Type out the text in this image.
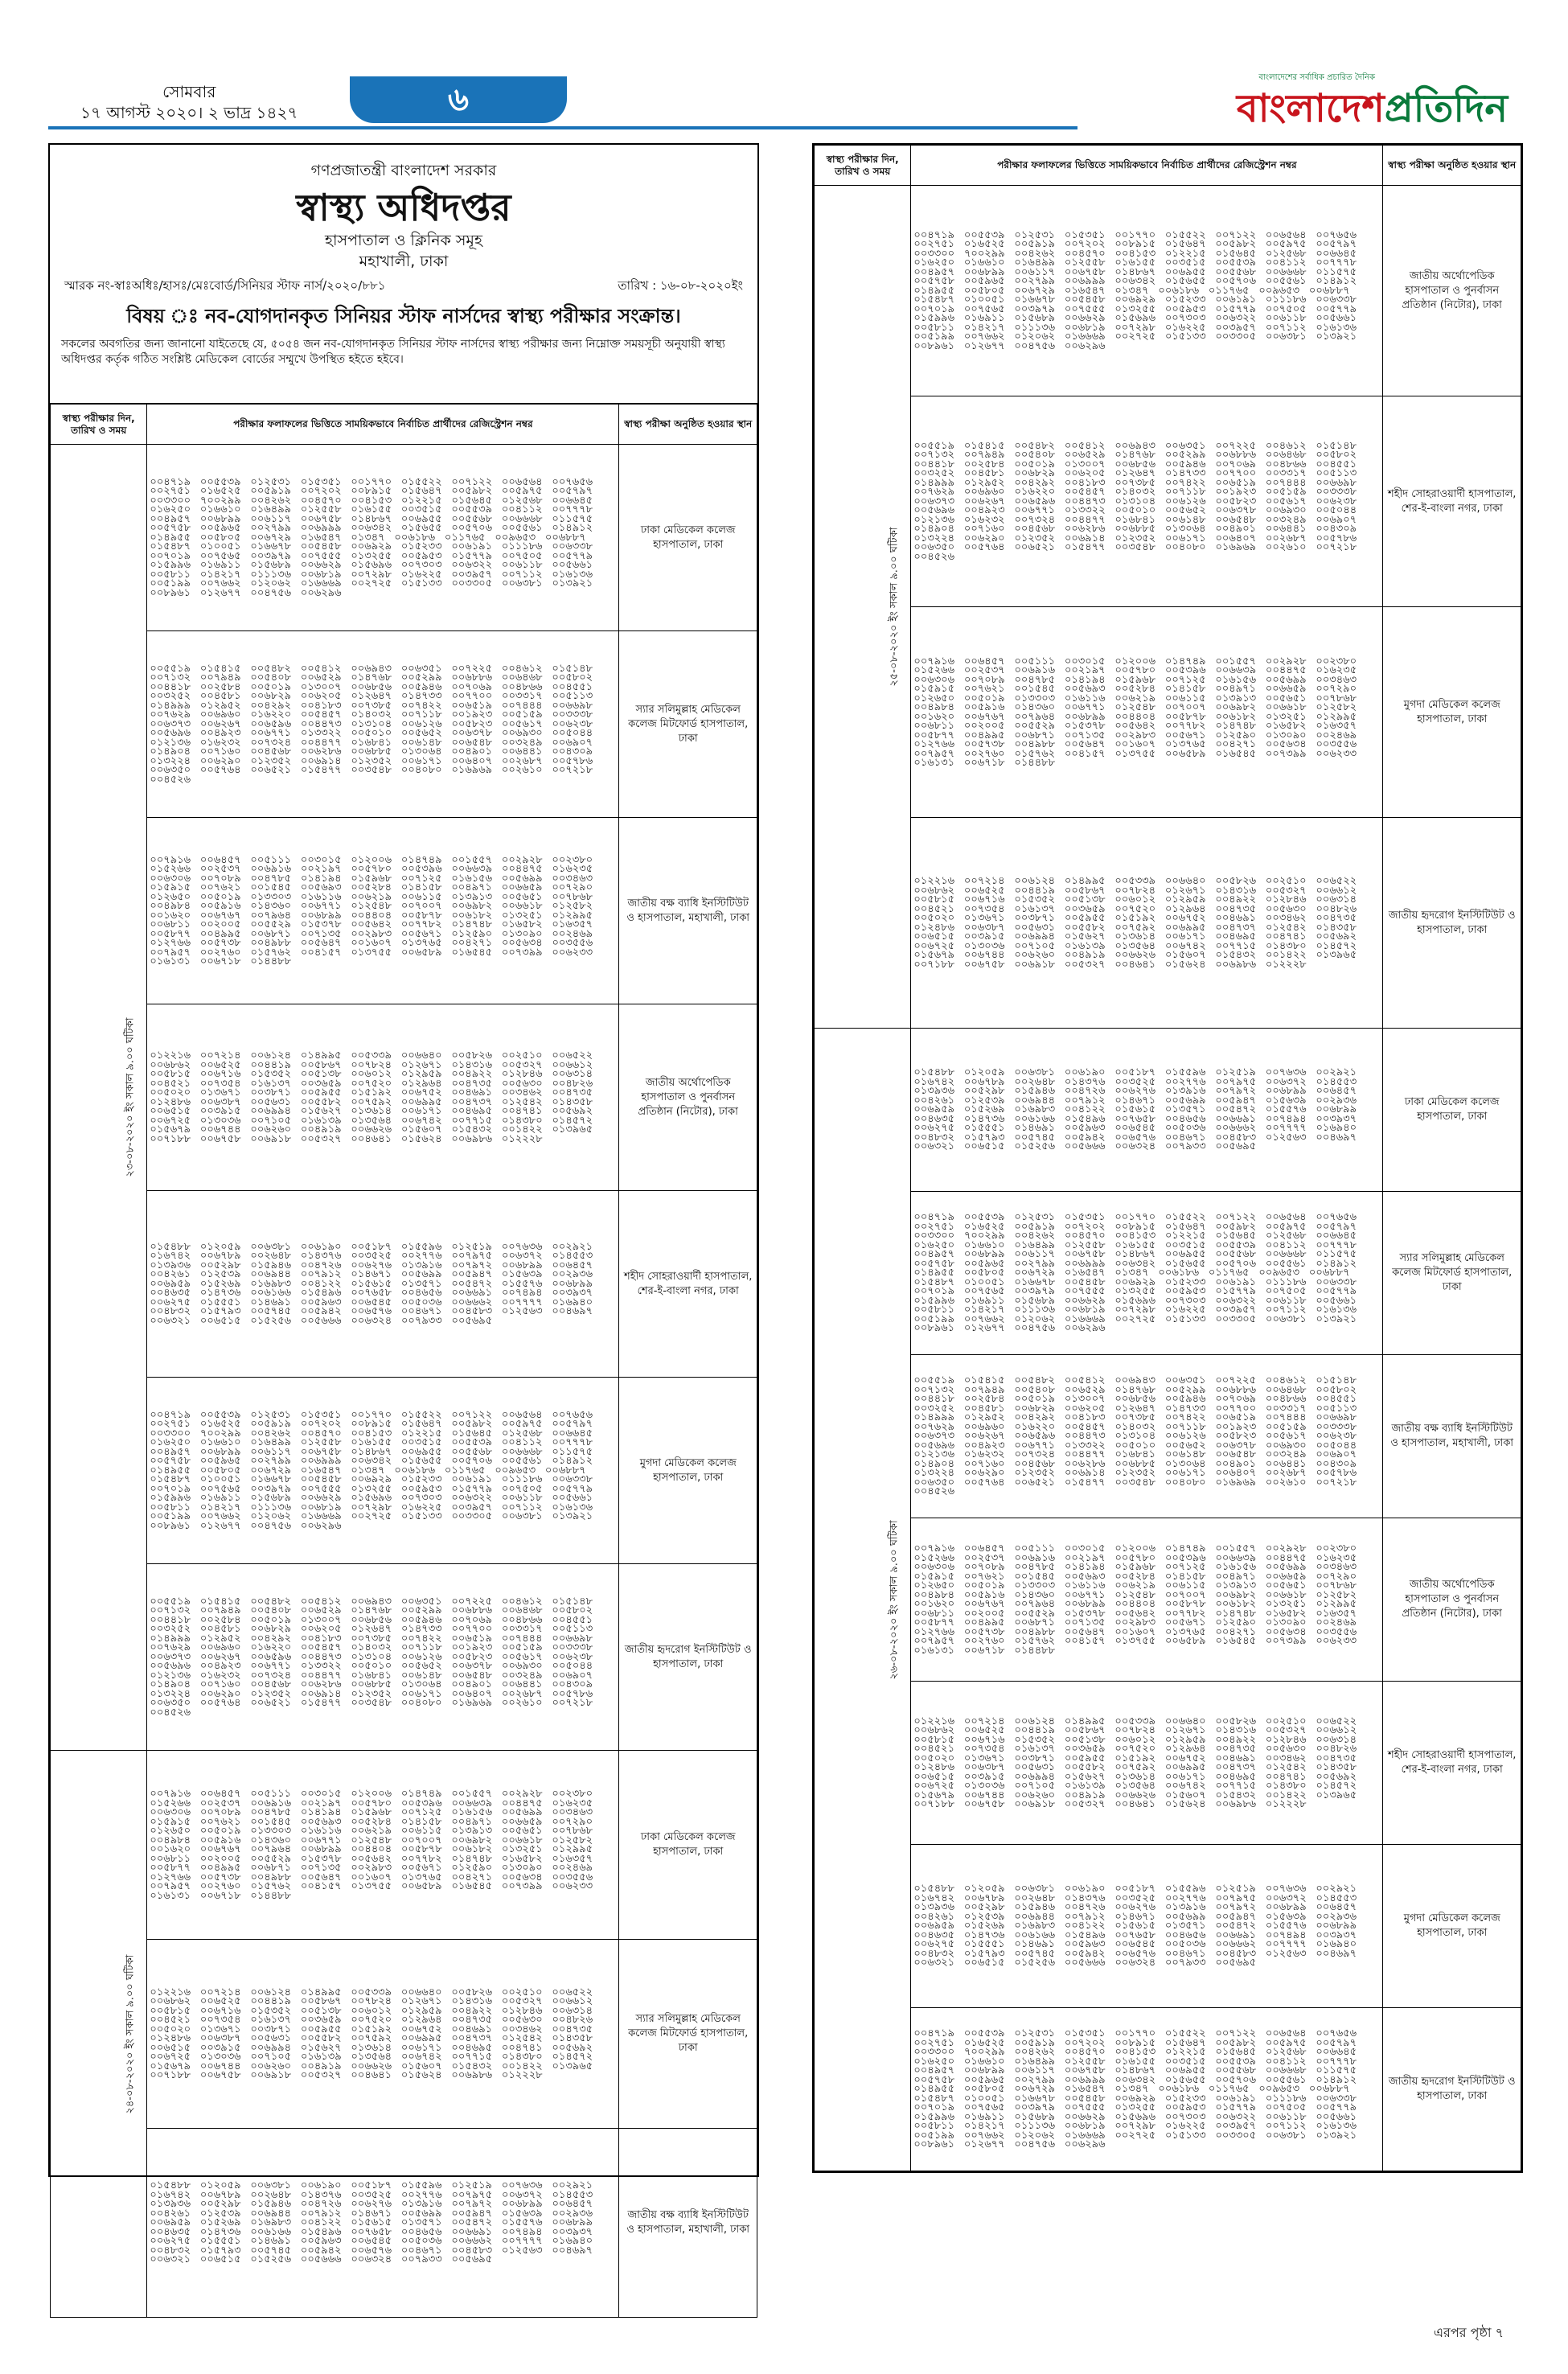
সোমবার
১৭ আগস্ট ২০২০। ২ ভাদ্র ১৪২৭	৬
বাংলাদেশের সর্বাধিক প্রচারিত দৈনিক
বাংলাদেশপ্রতিদিন
গণপ্রজাতন্ত্রী বাংলাদেশ সরকার
স্বাস্থ্য অধিদপ্তর
হাসপাতাল ও ক্লিনিক সমূহ
মহাখালী, ঢাকা
স্মারক নং-স্বাঃঅধিঃ/হাসঃ/মেঃবোর্ড/সিনিয়র স্টাফ নার্স/২০২০/৮৮১	তারিখ : ১৬-০৮-২০২০ইং
বিষয় ঃ নব-যোগদানকৃত সিনিয়র স্টাফ নার্সদের স্বাস্থ্য পরীক্ষার সংক্রান্ত।
সকলের অবগতির জন্য জানানো যাইতেছে যে, ৫০৫৪ জন নব-যোগদানকৃত সিনিয়র স্টাফ নার্সদের স্বাস্থ্য পরীক্ষার জন্য নিম্নোক্ত সময়সূচী অনুযায়ী স্বাস্থ্য অধিদপ্তর কর্তৃক গঠিত সংশ্লিষ্ট মেডিকেল বোর্ডের সম্মুখে উপস্থিত হইতে হইবে।
স্বাস্থ্য পরীক্ষার দিন, তারিখ ও সময়	পরীক্ষার ফলাফলের ভিত্তিতে সাময়িকভাবে নির্বাচিত প্রার্থীদের রেজিস্ট্রেশন নম্বর	স্বাস্থ্য পরীক্ষা অনুষ্ঠিত হওয়ার স্থান
২৩-০৮-২০২০ ইং সকাল ৯.০০ ঘটিকা	০০৪৭১৯ ০০৫৫৩৯ ০১২৫৩১ ০১৫৩৫১ ০০১৭৭০ ০১৫৫২২ ০০৭১২২ ০০৬৫৬৪ ০০৭৬৫৬ ০০২৭৫১ ০১৬৫২৫ ০০৫৯১৯ ০০৭২০২ ০০৮৯১৫ ০১৫৬৪৭ ০০৫৯৮২ ০০৫৯৭৫ ০০৫৭৯৭ ০০৩৩০০ ৭০০২৯৯ ০০৪২৬২ ০০৪৫৭০ ০০৪১৫৩ ০১২২১৫ ০১৫৬৪৫ ০১২৫৬৮ ০০৬৬৪৫ ০১৬২৫০ ০১৬৬১০ ০১৬৪৯৯ ০১২৫৫৮ ০১৬১৫৫ ০০৩৫১৫ ০০৫৫৩৯ ০০৪১১২ ০০৭৭৭৮ ০০৪৯৫৭ ০০৬৮৯৯ ০০৬১১৭ ০০৬৭৫৮ ০১৪৮৬৭ ০০৬৯৫৫ ০০৫৫৬৮ ০০৬৬৬৮ ০১১৫৭৫ ০০৫৭৫৮ ০০৫৯৬৫ ০০২৭৯৯ ০০৬৯৯৯ ০০৬৩৪২ ০১৫৬৫৫ ০০৫৭০৬ ০০৫৫৬১ ০১৪৯১২ ০১৪৯৫৫ ০০৫৮০৫ ০০৬৭২৯ ০১৬৫৪৭ ০১৩৪৭ ০০৬১৮৬ ০১১৭৬৫ ০০৯৬৫৩ ০০৬৮৮৭ ০১৫৪৮৭ ০১০০৫১ ০১৬৬৭৮ ০০৫৪৫৮ ০০৬৯২৯ ০১৫২৩৩ ০০৬১৯১ ০১১১৮৬ ০০৬৩৩৮ ০০৭০১৯ ০০৭৫৬৫ ০০৩৯৭৯ ০০৭৫৫৫ ০১৩২৫৫ ০০৫৯৫৩ ০১৫৭৭৯ ০০৭৫০৫ ০০৫৭৭৯ ০১৫৯৯৬ ০১৬৯১১ ০১৫৬৮৯ ০০৬৬২৯ ০১৫৬৯৬ ০০৭৩০৩ ০০৬৩২২ ০০৬১১৮ ০০৫৬৬১ ০০৫৮১১ ০১৪২১৭ ০১১১৩৬ ০০৬৮১৯ ০০৭২৯৮ ০১৬২২৫ ০০৩৯৫৭ ০০৭১১২ ০১৬১৩৬ ০০৫১৯৯ ০০৭৬৬২ ০১২০৬২ ০১৬৬৬৯ ০০২৭২৫ ০১৫১৩৩ ০০৩৩০৫ ০০৬৩৮১ ০১৩৯২১ ০০৮৯৬১ ০১২৬৭৭ ০০৪৭৫৬ ০০৬২৯৬	ঢাকা মেডিকেল কলেজ হাসপাতাল, ঢাকা
	০০৫৫১৯ ০১৫৪১৫ ০০৫৪৮২ ০০৫৪১২ ০০৬৯৪৩ ০০৬৩৫১ ০০৭২২৫ ০০৪৬১২ ০১৫১৪৮ ০০৭১৩২ ০০৭৯৪৯ ০০৫৪০৮ ০০৬৫২৯ ০১৪৭৬৮ ০০৫২৯৯ ০০৬৮৮৬ ০০৬৪৬৮ ০০৫৮০২ ০০৪৪১৮ ০০২৫৮৪ ০০৫০১৯ ০১৩০০৭ ০০৬৮৫৬ ০০৫৯৪৬ ০০৭০৬৯ ০০৪৮৬৬ ০০৪৫৫১ ০০৩২৫২ ০০৪৫৮১ ০০৬৮২৯ ০০৬২০৫ ০১২৬৪৭ ০১৪৭৩৩ ০০৭৭০০ ০০৩৩১৭ ০০৫১১৩ ০১৪৯৯৯ ০১২৯৫২ ০০৪২৯২ ০০৪১৮৩ ০০৭৩৮৫ ০০৭৪২২ ০০৬৫১৯ ০০৭৪৪৪ ০০৬৬৯৮ ০০৭৬২৯ ০০৬৯৬০ ০১৬২২০ ০০৫৪৫৭ ০১৪০৩২ ০০৭১১৮ ০০১৯২৩ ০০৫১৫৯ ০০৩৩৩৮ ০০৬৩৭৩ ০০৬২৬৭ ০০৬৫৯৬ ০০৪৪৭৩ ০১৩১০৪ ০০৬১২৬ ০০৫৮২৩ ০০৫৬১৭ ০০৬২৩৮ ০০৫৬৯৬ ০০৪৯২৩ ০০৬৭৭১ ০১৩৩২২ ০০৫০১০ ০০৫৬৫২ ০০৬৩৭৮ ০০৬৯৩০ ০০৫০৪৪ ০১২১৩৬ ০১৬২৩২ ০০৭৩২৪ ০০৪৪৭৭ ০১৬৮৪১ ০০৬১৪৮ ০০৬৫৪৮ ০০৩২৪৯ ০০৬৯০৭ ০১৪৯০৪ ০০৭১৬০ ০০৪৫৬৮ ০০৬২৮৬ ০০৬৮৮৫ ০১৩০৬৪ ০০৪৯০১ ০০৬৪৪১ ০০৪৩০৯ ০১৩২২৪ ০০৬২৯০ ০১২৩৫২ ০০৬৯১৪ ০১২৩৫২ ০০৬১৭১ ০০৬৪০৭ ০০২৬৮৭ ০০৫৭৮৬ ০০৬৩৫০ ০০৫৭৬৪ ০০৬৫২১ ০১৫৪৭৭ ০০৩৫৪৮ ০০৪০৮০ ০১৬৯৬৯ ০০২৬১০ ০০৭২১৮ ০০৪৫২৬	স্যার সলিমুল্লাহ মেডিকেল কলেজ মিটফোর্ড হাসপাতাল, ঢাকা
	০০৭৯১৬ ০০৬৪৫৭ ০০৫১১১ ০০৩০১৫ ০১২০০৬ ০১৪৭৪৯ ০০১৫৫৭ ০০২৯২৮ ০০২৩৮০ ০১৫২৬৬ ০০২৫৩৭ ০০৬৯১৬ ০০২১৯৭ ০০৫৭৮০ ০০৫৩৯৬ ০০৬৬৩৯ ০০৪৪৭৫ ০১৬২৩৫ ০০৬৩০৬ ০০৭০৮৯ ০০৪৭৮৫ ০১৪১৯৪ ০১৫৯৬৮ ০০৭১২৫ ০১৬১৫৬ ০০৫৬৯৯ ০০৩৪৬৩ ০১৫৯১৫ ০০৭৬২১ ০০১৫৪৫ ০০৫৬৯৩ ০০৫২৮৪ ০১৪১৫৮ ০০৪৯৭১ ০০৬৬৫৯ ০০৭২৯০ ০১২৬৫০ ০০৫০১৯ ০১৩৩০৩ ০১৬১১৬ ০০৬২১৯ ০০৬১১৫ ০১৩৯১৩ ০০৫৬৫১ ০০৭৮৬৮ ০০৪৯৮৪ ০০৫৯১৬ ০১৪৩৬০ ০০৬৭৭১ ০১২৫৪৮ ০০৭০০৭ ০০৬৯৮২ ০০৬৬১৮ ০১২৫৮২ ০০১৬২০ ০০৬৭৬৭ ০০৭৯৬৪ ০০৬৮৯৯ ০০৪৪০৪ ০০৫৮৭৮ ০০৬১৮২ ০১৩২৫১ ০১২৯৯৫ ০০৬৮১১ ০০২০০৫ ০০৫৫২৯ ০১৫৩৭৮ ০০৫৬৪২ ০০৭৭৮২ ০১৪৭৪৮ ০১৬৫৮২ ০১৬৩৫৭ ০০৫৮৭৭ ০০৪৯৯৫ ০০৬৮৭১ ০০৭১৩৫ ০০২৯৮৩ ০০৫৬৭১ ০১২৫৯০ ০১৩০৯০ ০০২৪৬৯ ০১২৭৬৬ ০০৫৭৩৮ ০০৪৯৮৮ ০০৫৬৪৭ ০০১৬০৭ ০১৩৭৬৫ ০০৪২৭১ ০০৫৬৩৪ ০০৩৫৫৬ ০০৭৯৫৭ ০০২৭৬০ ০১৫৭৬২ ০০৪১৫৭ ০১৩৭৫৫ ০০৬৫৮৯ ০১৬৫৪৫ ০০৭৩৯৯ ০০৬২৩৩ ০১৬১৩১ ০০৬৭১৮ ০১৪৪৮৮	জাতীয় বক্ষ ব্যাধি ইনস্টিটিউট ও হাসপাতাল, মহাখালী, ঢাকা
	০১২২১৬ ০০৭২১৪ ০০৬১২৪ ০১৪৯৯৫ ০০৫৩৩৯ ০০৬৬৪০ ০০৫৮২৬ ০০২৫১০ ০০৬৫২২ ০০৬৮৬২ ০০৬৫২৫ ০০৪৪১৯ ০০৫৮৬৭ ০০৭৮২৪ ০১২৬৭১ ০১৪৩১৬ ০০৫৩২৭ ০০৬৬১২ ০০৫৮১৫ ০০৬৭১৬ ০১৫৩৫২ ০০৫১৩৮ ০০৬০১২ ০১২৯৫৯ ০০৪৯২২ ০১২৮৪৬ ০০৬৩১৪ ০০৪৫২১ ০০৭৩৫৪ ০১৬১৩৭ ০০৩৬৫৯ ০০৭৫২০ ০১২৯৬৪ ০০৪৭৩৫ ০০৫৬৩০ ০০৪৮২৬ ০০৫০২০ ০১৩৬৭১ ০০৩৮৭১ ০০৫৯৫৫ ০১৫১৯২ ০০৬৭৫২ ০০৪৬৯১ ০০৩৪৬২ ০০৪৭৩৫ ০১২৪৮৬ ০০৬৩৮৭ ০০৫৬৩১ ০০৫৫৮২ ০০৭৫৯২ ০০৬৯৯৫ ০০৪৭৩৭ ০১২৫৪২ ০১৪৩৫৮ ০০৬৫১৫ ০০৩৯১৫ ০০৬৯৯৪ ০১৫৬২৭ ০১৩৬১৪ ০০৬১৭১ ০০৪৬৯৫ ০০৪৭৪১ ০০৫৬৯২ ০০৬৭২৫ ০১৩০৩৬ ০০৭১০৫ ০১৬১৩৯ ০১৩৫৬৪ ০০৬৭৪২ ০০৭৭১৫ ০১৪৩৮০ ০১৪৫৭২ ০১৫৬৭৯ ০০৬৭৪৪ ০০৬২৬০ ০০৪৯১৯ ০০৬৬২৬ ০১৫৬০৭ ০১৫৪৩২ ০০১৪২২ ০১৩৯৬৫ ০০৭১৮৮ ০০৬৭৫৮ ০০৬৯১৮ ০০৫৩২৭ ০০৪৬৪১ ০১৫৬২৪ ০০৬৯৮৬ ০১২২২৮	জাতীয় অর্থোপেডিক হাসপাতাল ও পুনর্বাসন প্রতিষ্ঠান (নিটোর), ঢাকা
	০১৫৪৮৮ ০১২০৫৯ ০০৬৩৮১ ০০৬১৯০ ০০৫১৮৭ ০১৫৫৯৬ ০১২৫১৯ ০০৭৬৩৬ ০০২৯২১ ০১৬৭৪২ ০০৬৭৮৯ ০০২৬৪৮ ০১৪৩৭৬ ০০৩৫২৫ ০০২৭৭৬ ০০৭৯৭৫ ০০৬৩৭২ ০১৪৫৫৩ ০১৩৯৩৬ ০০৫২৯৮ ০১৫৯৪৬ ০০৪৭২৬ ০০৬২৭৬ ০১৩৯১৬ ০০৭৯৭২ ০০৬৮৯৯ ০০৬৪৫৭ ০০৪২৬১ ০১২৫৩৯ ০০৬৯৪৪ ০০৭৯১২ ০১৪৬৭১ ০০৫৬৯৯ ০০৫৯৪৭ ০১৫৬৩৯ ০০২৯৩৬ ০০৬৯৫৯ ০১৫২৬৯ ০১৬৯৮৩ ০০৪১২২ ০১৫৬১৫ ০১৩৫৭১ ০০৫৪৭২ ০১৫৫৭৬ ০০৬৮৯৯ ০০৪৬৩৫ ০১৪৭৩৬ ০০৬১৬৬ ০১৫৪৯৬ ০০৭৬৫৮ ০০৪৬৫৬ ০০৬৬৯১ ০০৭৪৯৪ ০০৩৯৩৭ ০০৬২৭৫ ০১৫৫৫১ ০১৪৬৯১ ০০৫৯৬৩ ০০৬৫৪৫ ০০৫০৩৬ ০০৬৬৬২ ০০৭৭৭৭ ০১৬৯৪০ ০০৪৮৩২ ০১৫৭৯৩ ০০৫৭৪৫ ০০৫৯৪২ ০০৬৫৭৬ ০০৪৬৭১ ০০৪৫৮৩ ০১২৫৬৩ ০০৪৬৯৭ ০০৬৩২১ ০০৬৫১৫ ০১৫২৫৬ ০০৫৬৬৬ ০০৬৩২৪ ০০৭৯৩৩ ০০৫৬৯৫	শহীদ সোহরাওয়ার্দী হাসপাতাল, শের-ই-বাংলা নগর, ঢাকা
	০০৪৭১৯ ০০৫৫৩৯ ০১২৫৩১ ০১৫৩৫১ ০০১৭৭০ ০১৫৫২২ ০০৭১২২ ০০৬৫৬৪ ০০৭৬৫৬ ০০২৭৫১ ০১৬৫২৫ ০০৫৯১৯ ০০৭২০২ ০০৮৯১৫ ০১৫৬৪৭ ০০৫৯৮২ ০০৫৯৭৫ ০০৫৭৯৭ ০০৩৩০০ ৭০০২৯৯ ০০৪২৬২ ০০৪৫৭০ ০০৪১৫৩ ০১২২১৫ ০১৫৬৪৫ ০১২৫৬৮ ০০৬৬৪৫ ০১৬২৫০ ০১৬৬১০ ০১৬৪৯৯ ০১২৫৫৮ ০১৬১৫৫ ০০৩৫১৫ ০০৫৫৩৯ ০০৪১১২ ০০৭৭৭৮ ০০৪৯৫৭ ০০৬৮৯৯ ০০৬১১৭ ০০৬৭৫৮ ০১৪৮৬৭ ০০৬৯৫৫ ০০৫৫৬৮ ০০৬৬৬৮ ০১১৫৭৫ ০০৫৭৫৮ ০০৫৯৬৫ ০০২৭৯৯ ০০৬৯৯৯ ০০৬৩৪২ ০১৫৬৫৫ ০০৫৭০৬ ০০৫৫৬১ ০১৪৯১২ ০১৪৯৫৫ ০০৫৮০৫ ০০৬৭২৯ ০১৬৫৪৭ ০১৩৪৭ ০০৬১৮৬ ০১১৭৬৫ ০০৯৬৫৩ ০০৬৮৮৭ ০১৫৪৮৭ ০১০০৫১ ০১৬৬৭৮ ০০৫৪৫৮ ০০৬৯২৯ ০১৫২৩৩ ০০৬১৯১ ০১১১৮৬ ০০৬৩৩৮ ০০৭০১৯ ০০৭৫৬৫ ০০৩৯৭৯ ০০৭৫৫৫ ০১৩২৫৫ ০০৫৯৫৩ ০১৫৭৭৯ ০০৭৫০৫ ০০৫৭৭৯ ০১৫৯৯৬ ০১৬৯১১ ০১৫৬৮৯ ০০৬৬২৯ ০১৫৬৯৬ ০০৭৩০৩ ০০৬৩২২ ০০৬১১৮ ০০৫৬৬১ ০০৫৮১১ ০১৪২১৭ ০১১১৩৬ ০০৬৮১৯ ০০৭২৯৮ ০১৬২২৫ ০০৩৯৫৭ ০০৭১১২ ০১৬১৩৬ ০০৫১৯৯ ০০৭৬৬২ ০১২০৬২ ০১৬৬৬৯ ০০২৭২৫ ০১৫১৩৩ ০০৩৩০৫ ০০৬৩৮১ ০১৩৯২১ ০০৮৯৬১ ০১২৬৭৭ ০০৪৭৫৬ ০০৬২৯৬	মুগদা মেডিকেল কলেজ হাসপাতাল, ঢাকা
	০০৫৫১৯ ০১৫৪১৫ ০০৫৪৮২ ০০৫৪১২ ০০৬৯৪৩ ০০৬৩৫১ ০০৭২২৫ ০০৪৬১২ ০১৫১৪৮ ০০৭১৩২ ০০৭৯৪৯ ০০৫৪০৮ ০০৬৫২৯ ০১৪৭৬৮ ০০৫২৯৯ ০০৬৮৮৬ ০০৬৪৬৮ ০০৫৮০২ ০০৪৪১৮ ০০২৫৮৪ ০০৫০১৯ ০১৩০০৭ ০০৬৮৫৬ ০০৫৯৪৬ ০০৭০৬৯ ০০৪৮৬৬ ০০৪৫৫১ ০০৩২৫২ ০০৪৫৮১ ০০৬৮২৯ ০০৬২০৫ ০১২৬৪৭ ০১৪৭৩৩ ০০৭৭০০ ০০৩৩১৭ ০০৫১১৩ ০১৪৯৯৯ ০১২৯৫২ ০০৪২৯২ ০০৪১৮৩ ০০৭৩৮৫ ০০৭৪২২ ০০৬৫১৯ ০০৭৪৪৪ ০০৬৬৯৮ ০০৭৬২৯ ০০৬৯৬০ ০১৬২২০ ০০৫৪৫৭ ০১৪০৩২ ০০৭১১৮ ০০১৯২৩ ০০৫১৫৯ ০০৩৩৩৮ ০০৬৩৭৩ ০০৬২৬৭ ০০৬৫৯৬ ০০৪৪৭৩ ০১৩১০৪ ০০৬১২৬ ০০৫৮২৩ ০০৫৬১৭ ০০৬২৩৮ ০০৫৬৯৬ ০০৪৯২৩ ০০৬৭৭১ ০১৩৩২২ ০০৫০১০ ০০৫৬৫২ ০০৬৩৭৮ ০০৬৯৩০ ০০৫০৪৪ ০১২১৩৬ ০১৬২৩২ ০০৭৩২৪ ০০৪৪৭৭ ০১৬৮৪১ ০০৬১৪৮ ০০৬৫৪৮ ০০৩২৪৯ ০০৬৯০৭ ০১৪৯০৪ ০০৭১৬০ ০০৪৫৬৮ ০০৬২৮৬ ০০৬৮৮৫ ০১৩০৬৪ ০০৪৯০১ ০০৬৪৪১ ০০৪৩০৯ ০১৩২২৪ ০০৬২৯০ ০১২৩৫২ ০০৬৯১৪ ০১২৩৫২ ০০৬১৭১ ০০৬৪০৭ ০০২৬৮৭ ০০৫৭৮৬ ০০৬৩৫০ ০০৫৭৬৪ ০০৬৫২১ ০১৫৪৭৭ ০০৩৫৪৮ ০০৪০৮০ ০১৬৯৬৯ ০০২৬১০ ০০৭২১৮ ০০৪৫২৬	জাতীয় হৃদরোগ ইনস্টিটিউট ও হাসপাতাল, ঢাকা
২৪-০৮-২০২০ ইং সকাল ৯.০০ ঘটিকা	০০৭৯১৬ ০০৬৪৫৭ ০০৫১১১ ০০৩০১৫ ০১২০০৬ ০১৪৭৪৯ ০০১৫৫৭ ০০২৯২৮ ০০২৩৮০ ০১৫২৬৬ ০০২৫৩৭ ০০৬৯১৬ ০০২১৯৭ ০০৫৭৮০ ০০৫৩৯৬ ০০৬৬৩৯ ০০৪৪৭৫ ০১৬২৩৫ ০০৬৩০৬ ০০৭০৮৯ ০০৪৭৮৫ ০১৪১৯৪ ০১৫৯৬৮ ০০৭১২৫ ০১৬১৫৬ ০০৫৬৯৯ ০০৩৪৬৩ ০১৫৯১৫ ০০৭৬২১ ০০১৫৪৫ ০০৫৬৯৩ ০০৫২৮৪ ০১৪১৫৮ ০০৪৯৭১ ০০৬৬৫৯ ০০৭২৯০ ০১২৬৫০ ০০৫০১৯ ০১৩৩০৩ ০১৬১১৬ ০০৬২১৯ ০০৬১১৫ ০১৩৯১৩ ০০৫৬৫১ ০০৭৮৬৮ ০০৪৯৮৪ ০০৫৯১৬ ০১৪৩৬০ ০০৬৭৭১ ০১২৫৪৮ ০০৭০০৭ ০০৬৯৮২ ০০৬৬১৮ ০১২৫৮২ ০০১৬২০ ০০৬৭৬৭ ০০৭৯৬৪ ০০৬৮৯৯ ০০৪৪০৪ ০০৫৮৭৮ ০০৬১৮২ ০১৩২৫১ ০১২৯৯৫ ০০৬৮১১ ০০২০০৫ ০০৫৫২৯ ০১৫৩৭৮ ০০৫৬৪২ ০০৭৭৮২ ০১৪৭৪৮ ০১৬৫৮২ ০১৬৩৫৭ ০০৫৮৭৭ ০০৪৯৯৫ ০০৬৮৭১ ০০৭১৩৫ ০০২৯৮৩ ০০৫৬৭১ ০১২৫৯০ ০১৩০৯০ ০০২৪৬৯ ০১২৭৬৬ ০০৫৭৩৮ ০০৪৯৮৮ ০০৫৬৪৭ ০০১৬০৭ ০১৩৭৬৫ ০০৪২৭১ ০০৫৬৩৪ ০০৩৫৫৬ ০০৭৯৫৭ ০০২৭৬০ ০১৫৭৬২ ০০৪১৫৭ ০১৩৭৫৫ ০০৬৫৮৯ ০১৬৫৪৫ ০০৭৩৯৯ ০০৬২৩৩ ০১৬১৩১ ০০৬৭১৮ ০১৪৪৮৮	ঢাকা মেডিকেল কলেজ হাসপাতাল, ঢাকা
	০১২২১৬ ০০৭২১৪ ০০৬১২৪ ০১৪৯৯৫ ০০৫৩৩৯ ০০৬৬৪০ ০০৫৮২৬ ০০২৫১০ ০০৬৫২২ ০০৬৮৬২ ০০৬৫২৫ ০০৪৪১৯ ০০৫৮৬৭ ০০৭৮২৪ ০১২৬৭১ ০১৪৩১৬ ০০৫৩২৭ ০০৬৬১২ ০০৫৮১৫ ০০৬৭১৬ ০১৫৩৫২ ০০৫১৩৮ ০০৬০১২ ০১২৯৫৯ ০০৪৯২২ ০১২৮৪৬ ০০৬৩১৪ ০০৪৫২১ ০০৭৩৫৪ ০১৬১৩৭ ০০৩৬৫৯ ০০৭৫২০ ০১২৯৬৪ ০০৪৭৩৫ ০০৫৬৩০ ০০৪৮২৬ ০০৫০২০ ০১৩৬৭১ ০০৩৮৭১ ০০৫৯৫৫ ০১৫১৯২ ০০৬৭৫২ ০০৪৬৯১ ০০৩৪৬২ ০০৪৭৩৫ ০১২৪৮৬ ০০৬৩৮৭ ০০৫৬৩১ ০০৫৫৮২ ০০৭৫৯২ ০০৬৯৯৫ ০০৪৭৩৭ ০১২৫৪২ ০১৪৩৫৮ ০০৬৫১৫ ০০৩৯১৫ ০০৬৯৯৪ ০১৫৬২৭ ০১৩৬১৪ ০০৬১৭১ ০০৪৬৯৫ ০০৪৭৪১ ০০৫৬৯২ ০০৬৭২৫ ০১৩০৩৬ ০০৭১০৫ ০১৬১৩৯ ০১৩৫৬৪ ০০৬৭৪২ ০০৭৭১৫ ০১৪৩৮০ ০১৪৫৭২ ০১৫৬৭৯ ০০৬৭৪৪ ০০৬২৬০ ০০৪৯১৯ ০০৬৬২৬ ০১৫৬০৭ ০১৫৪৩২ ০০১৪২২ ০১৩৯৬৫ ০০৭১৮৮ ০০৬৭৫৮ ০০৬৯১৮ ০০৫৩২৭ ০০৪৬৪১ ০১৫৬২৪ ০০৬৯৮৬ ০১২২২৮	স্যার সলিমুল্লাহ মেডিকেল কলেজ মিটফোর্ড হাসপাতাল, ঢাকা
	০১৫৪৮৮ ০১২০৫৯ ০০৬৩৮১ ০০৬১৯০ ০০৫১৮৭ ০১৫৫৯৬ ০১২৫১৯ ০০৭৬৩৬ ০০২৯২১ ০১৬৭৪২ ০০৬৭৮৯ ০০২৬৪৮ ০১৪৩৭৬ ০০৩৫২৫ ০০২৭৭৬ ০০৭৯৭৫ ০০৬৩৭২ ০১৪৫৫৩ ০১৩৯৩৬ ০০৫২৯৮ ০১৫৯৪৬ ০০৪৭২৬ ০০৬২৭৬ ০১৩৯১৬ ০০৭৯৭২ ০০৬৮৯৯ ০০৬৪৫৭ ০০৪২৬১ ০১২৫৩৯ ০০৬৯৪৪ ০০৭৯১২ ০১৪৬৭১ ০০৫৬৯৯ ০০৫৯৪৭ ০১৫৬৩৯ ০০২৯৩৬ ০০৬৯৫৯ ০১৫২৬৯ ০১৬৯৮৩ ০০৪১২২ ০১৫৬১৫ ০১৩৫৭১ ০০৫৪৭২ ০১৫৫৭৬ ০০৬৮৯৯ ০০৪৬৩৫ ০১৪৭৩৬ ০০৬১৬৬ ০১৫৪৯৬ ০০৭৬৫৮ ০০৪৬৫৬ ০০৬৬৯১ ০০৭৪৯৪ ০০৩৯৩৭ ০০৬২৭৫ ০১৫৫৫১ ০১৪৬৯১ ০০৫৯৬৩ ০০৬৫৪৫ ০০৫০৩৬ ০০৬৬৬২ ০০৭৭৭৭ ০১৬৯৪০ ০০৪৮৩২ ০১৫৭৯৩ ০০৫৭৪৫ ০০৫৯৪২ ০০৬৫৭৬ ০০৪৬৭১ ০০৪৫৮৩ ০১২৫৬৩ ০০৪৬৯৭ ০০৬৩২১ ০০৬৫১৫ ০১৫২৫৬ ০০৫৬৬৬ ০০৬৩২৪ ০০৭৯৩৩ ০০৫৬৯৫	জাতীয় বক্ষ ব্যাধি ইনস্টিটিউট ও হাসপাতাল, মহাখালী, ঢাকা
স্বাস্থ্য পরীক্ষার দিন, তারিখ ও সময়	পরীক্ষার ফলাফলের ভিত্তিতে সাময়িকভাবে নির্বাচিত প্রার্থীদের রেজিস্ট্রেশন নম্বর	স্বাস্থ্য পরীক্ষা অনুষ্ঠিত হওয়ার স্থান
২৫-০৮-২০২০ ইং সকাল ৯.০০ ঘটিকা	০০৪৭১৯ ০০৫৫৩৯ ০১২৫৩১ ০১৫৩৫১ ০০১৭৭০ ০১৫৫২২ ০০৭১২২ ০০৬৫৬৪ ০০৭৬৫৬ ০০২৭৫১ ০১৬৫২৫ ০০৫৯১৯ ০০৭২০২ ০০৮৯১৫ ০১৫৬৪৭ ০০৫৯৮২ ০০৫৯৭৫ ০০৫৭৯৭ ০০৩৩০০ ৭০০২৯৯ ০০৪২৬২ ০০৪৫৭০ ০০৪১৫৩ ০১২২১৫ ০১৫৬৪৫ ০১২৫৬৮ ০০৬৬৪৫ ০১৬২৫০ ০১৬৬১০ ০১৬৪৯৯ ০১২৫৫৮ ০১৬১৫৫ ০০৩৫১৫ ০০৫৫৩৯ ০০৪১১২ ০০৭৭৭৮ ০০৪৯৫৭ ০০৬৮৯৯ ০০৬১১৭ ০০৬৭৫৮ ০১৪৮৬৭ ০০৬৯৫৫ ০০৫৫৬৮ ০০৬৬৬৮ ০১১৫৭৫ ০০৫৭৫৮ ০০৫৯৬৫ ০০২৭৯৯ ০০৬৯৯৯ ০০৬৩৪২ ০১৫৬৫৫ ০০৫৭০৬ ০০৫৫৬১ ০১৪৯১২ ০১৪৯৫৫ ০০৫৮০৫ ০০৬৭২৯ ০১৬৫৪৭ ০১৩৪৭ ০০৬১৮৬ ০১১৭৬৫ ০০৯৬৫৩ ০০৬৮৮৭ ০১৫৪৮৭ ০১০০৫১ ০১৬৬৭৮ ০০৫৪৫৮ ০০৬৯২৯ ০১৫২৩৩ ০০৬১৯১ ০১১১৮৬ ০০৬৩৩৮ ০০৭০১৯ ০০৭৫৬৫ ০০৩৯৭৯ ০০৭৫৫৫ ০১৩২৫৫ ০০৫৯৫৩ ০১৫৭৭৯ ০০৭৫০৫ ০০৫৭৭৯ ০১৫৯৯৬ ০১৬৯১১ ০১৫৬৮৯ ০০৬৬২৯ ০১৫৬৯৬ ০০৭৩০৩ ০০৬৩২২ ০০৬১১৮ ০০৫৬৬১ ০০৫৮১১ ০১৪২১৭ ০১১১৩৬ ০০৬৮১৯ ০০৭২৯৮ ০১৬২২৫ ০০৩৯৫৭ ০০৭১১২ ০১৬১৩৬ ০০৫১৯৯ ০০৭৬৬২ ০১২০৬২ ০১৬৬৬৯ ০০২৭২৫ ০১৫১৩৩ ০০৩৩০৫ ০০৬৩৮১ ০১৩৯২১ ০০৮৯৬১ ০১২৬৭৭ ০০৪৭৫৬ ০০৬২৯৬	জাতীয় অর্থোপেডিক হাসপাতাল ও পুনর্বাসন প্রতিষ্ঠান (নিটোর), ঢাকা
	০০৫৫১৯ ০১৫৪১৫ ০০৫৪৮২ ০০৫৪১২ ০০৬৯৪৩ ০০৬৩৫১ ০০৭২২৫ ০০৪৬১২ ০১৫১৪৮ ০০৭১৩২ ০০৭৯৪৯ ০০৫৪০৮ ০০৬৫২৯ ০১৪৭৬৮ ০০৫২৯৯ ০০৬৮৮৬ ০০৬৪৬৮ ০০৫৮০২ ০০৪৪১৮ ০০২৫৮৪ ০০৫০১৯ ০১৩০০৭ ০০৬৮৫৬ ০০৫৯৪৬ ০০৭০৬৯ ০০৪৮৬৬ ০০৪৫৫১ ০০৩২৫২ ০০৪৫৮১ ০০৬৮২৯ ০০৬২০৫ ০১২৬৪৭ ০১৪৭৩৩ ০০৭৭০০ ০০৩৩১৭ ০০৫১১৩ ০১৪৯৯৯ ০১২৯৫২ ০০৪২৯২ ০০৪১৮৩ ০০৭৩৮৫ ০০৭৪২২ ০০৬৫১৯ ০০৭৪৪৪ ০০৬৬৯৮ ০০৭৬২৯ ০০৬৯৬০ ০১৬২২০ ০০৫৪৫৭ ০১৪০৩২ ০০৭১১৮ ০০১৯২৩ ০০৫১৫৯ ০০৩৩৩৮ ০০৬৩৭৩ ০০৬২৬৭ ০০৬৫৯৬ ০০৪৪৭৩ ০১৩১০৪ ০০৬১২৬ ০০৫৮২৩ ০০৫৬১৭ ০০৬২৩৮ ০০৫৬৯৬ ০০৪৯২৩ ০০৬৭৭১ ০১৩৩২২ ০০৫০১০ ০০৫৬৫২ ০০৬৩৭৮ ০০৬৯৩০ ০০৫০৪৪ ০১২১৩৬ ০১৬২৩২ ০০৭৩২৪ ০০৪৪৭৭ ০১৬৮৪১ ০০৬১৪৮ ০০৬৫৪৮ ০০৩২৪৯ ০০৬৯০৭ ০১৪৯০৪ ০০৭১৬০ ০০৪৫৬৮ ০০৬২৮৬ ০০৬৮৮৫ ০১৩০৬৪ ০০৪৯০১ ০০৬৪৪১ ০০৪৩০৯ ০১৩২২৪ ০০৬২৯০ ০১২৩৫২ ০০৬৯১৪ ০১২৩৫২ ০০৬১৭১ ০০৬৪০৭ ০০২৬৮৭ ০০৫৭৮৬ ০০৬৩৫০ ০০৫৭৬৪ ০০৬৫২১ ০১৫৪৭৭ ০০৩৫৪৮ ০০৪০৮০ ০১৬৯৬৯ ০০২৬১০ ০০৭২১৮ ০০৪৫২৬	শহীদ সোহরাওয়ার্দী হাসপাতাল, শের-ই-বাংলা নগর, ঢাকা
	০০৭৯১৬ ০০৬৪৫৭ ০০৫১১১ ০০৩০১৫ ০১২০০৬ ০১৪৭৪৯ ০০১৫৫৭ ০০২৯২৮ ০০২৩৮০ ০১৫২৬৬ ০০২৫৩৭ ০০৬৯১৬ ০০২১৯৭ ০০৫৭৮০ ০০৫৩৯৬ ০০৬৬৩৯ ০০৪৪৭৫ ০১৬২৩৫ ০০৬৩০৬ ০০৭০৮৯ ০০৪৭৮৫ ০১৪১৯৪ ০১৫৯৬৮ ০০৭১২৫ ০১৬১৫৬ ০০৫৬৯৯ ০০৩৪৬৩ ০১৫৯১৫ ০০৭৬২১ ০০১৫৪৫ ০০৫৬৯৩ ০০৫২৮৪ ০১৪১৫৮ ০০৪৯৭১ ০০৬৬৫৯ ০০৭২৯০ ০১২৬৫০ ০০৫০১৯ ০১৩৩০৩ ০১৬১১৬ ০০৬২১৯ ০০৬১১৫ ০১৩৯১৩ ০০৫৬৫১ ০০৭৮৬৮ ০০৪৯৮৪ ০০৫৯১৬ ০১৪৩৬০ ০০৬৭৭১ ০১২৫৪৮ ০০৭০০৭ ০০৬৯৮২ ০০৬৬১৮ ০১২৫৮২ ০০১৬২০ ০০৬৭৬৭ ০০৭৯৬৪ ০০৬৮৯৯ ০০৪৪০৪ ০০৫৮৭৮ ০০৬১৮২ ০১৩২৫১ ০১২৯৯৫ ০০৬৮১১ ০০২০০৫ ০০৫৫২৯ ০১৫৩৭৮ ০০৫৬৪২ ০০৭৭৮২ ০১৪৭৪৮ ০১৬৫৮২ ০১৬৩৫৭ ০০৫৮৭৭ ০০৪৯৯৫ ০০৬৮৭১ ০০৭১৩৫ ০০২৯৮৩ ০০৫৬৭১ ০১২৫৯০ ০১৩০৯০ ০০২৪৬৯ ০১২৭৬৬ ০০৫৭৩৮ ০০৪৯৮৮ ০০৫৬৪৭ ০০১৬০৭ ০১৩৭৬৫ ০০৪২৭১ ০০৫৬৩৪ ০০৩৫৫৬ ০০৭৯৫৭ ০০২৭৬০ ০১৫৭৬২ ০০৪১৫৭ ০১৩৭৫৫ ০০৬৫৮৯ ০১৬৫৪৫ ০০৭৩৯৯ ০০৬২৩৩ ০১৬১৩১ ০০৬৭১৮ ০১৪৪৮৮	মুগদা মেডিকেল কলেজ হাসপাতাল, ঢাকা
	০১২২১৬ ০০৭২১৪ ০০৬১২৪ ০১৪৯৯৫ ০০৫৩৩৯ ০০৬৬৪০ ০০৫৮২৬ ০০২৫১০ ০০৬৫২২ ০০৬৮৬২ ০০৬৫২৫ ০০৪৪১৯ ০০৫৮৬৭ ০০৭৮২৪ ০১২৬৭১ ০১৪৩১৬ ০০৫৩২৭ ০০৬৬১২ ০০৫৮১৫ ০০৬৭১৬ ০১৫৩৫২ ০০৫১৩৮ ০০৬০১২ ০১২৯৫৯ ০০৪৯২২ ০১২৮৪৬ ০০৬৩১৪ ০০৪৫২১ ০০৭৩৫৪ ০১৬১৩৭ ০০৩৬৫৯ ০০৭৫২০ ০১২৯৬৪ ০০৪৭৩৫ ০০৫৬৩০ ০০৪৮২৬ ০০৫০২০ ০১৩৬৭১ ০০৩৮৭১ ০০৫৯৫৫ ০১৫১৯২ ০০৬৭৫২ ০০৪৬৯১ ০০৩৪৬২ ০০৪৭৩৫ ০১২৪৮৬ ০০৬৩৮৭ ০০৫৬৩১ ০০৫৫৮২ ০০৭৫৯২ ০০৬৯৯৫ ০০৪৭৩৭ ০১২৫৪২ ০১৪৩৫৮ ০০৬৫১৫ ০০৩৯১৫ ০০৬৯৯৪ ০১৫৬২৭ ০১৩৬১৪ ০০৬১৭১ ০০৪৬৯৫ ০০৪৭৪১ ০০৫৬৯২ ০০৬৭২৫ ০১৩০৩৬ ০০৭১০৫ ০১৬১৩৯ ০১৩৫৬৪ ০০৬৭৪২ ০০৭৭১৫ ০১৪৩৮০ ০১৪৫৭২ ০১৫৬৭৯ ০০৬৭৪৪ ০০৬২৬০ ০০৪৯১৯ ০০৬৬২৬ ০১৫৬০৭ ০১৫৪৩২ ০০১৪২২ ০১৩৯৬৫ ০০৭১৮৮ ০০৬৭৫৮ ০০৬৯১৮ ০০৫৩২৭ ০০৪৬৪১ ০১৫৬২৪ ০০৬৯৮৬ ০১২২২৮	জাতীয় হৃদরোগ ইনস্টিটিউট ও হাসপাতাল, ঢাকা
২৬-০৮-২০২০ ইং সকাল ৯.০০ ঘটিকা	০১৫৪৮৮ ০১২০৫৯ ০০৬৩৮১ ০০৬১৯০ ০০৫১৮৭ ০১৫৫৯৬ ০১২৫১৯ ০০৭৬৩৬ ০০২৯২১ ০১৬৭৪২ ০০৬৭৮৯ ০০২৬৪৮ ০১৪৩৭৬ ০০৩৫২৫ ০০২৭৭৬ ০০৭৯৭৫ ০০৬৩৭২ ০১৪৫৫৩ ০১৩৯৩৬ ০০৫২৯৮ ০১৫৯৪৬ ০০৪৭২৬ ০০৬২৭৬ ০১৩৯১৬ ০০৭৯৭২ ০০৬৮৯৯ ০০৬৪৫৭ ০০৪২৬১ ০১২৫৩৯ ০০৬৯৪৪ ০০৭৯১২ ০১৪৬৭১ ০০৫৬৯৯ ০০৫৯৪৭ ০১৫৬৩৯ ০০২৯৩৬ ০০৬৯৫৯ ০১৫২৬৯ ০১৬৯৮৩ ০০৪১২২ ০১৫৬১৫ ০১৩৫৭১ ০০৫৪৭২ ০১৫৫৭৬ ০০৬৮৯৯ ০০৪৬৩৫ ০১৪৭৩৬ ০০৬১৬৬ ০১৫৪৯৬ ০০৭৬৫৮ ০০৪৬৫৬ ০০৬৬৯১ ০০৭৪৯৪ ০০৩৯৩৭ ০০৬২৭৫ ০১৫৫৫১ ০১৪৬৯১ ০০৫৯৬৩ ০০৬৫৪৫ ০০৫০৩৬ ০০৬৬৬২ ০০৭৭৭৭ ০১৬৯৪০ ০০৪৮৩২ ০১৫৭৯৩ ০০৫৭৪৫ ০০৫৯৪২ ০০৬৫৭৬ ০০৪৬৭১ ০০৪৫৮৩ ০১২৫৬৩ ০০৪৬৯৭ ০০৬৩২১ ০০৬৫১৫ ০১৫২৫৬ ০০৫৬৬৬ ০০৬৩২৪ ০০৭৯৩৩ ০০৫৬৯৫	ঢাকা মেডিকেল কলেজ হাসপাতাল, ঢাকা
	০০৪৭১৯ ০০৫৫৩৯ ০১২৫৩১ ০১৫৩৫১ ০০১৭৭০ ০১৫৫২২ ০০৭১২২ ০০৬৫৬৪ ০০৭৬৫৬ ০০২৭৫১ ০১৬৫২৫ ০০৫৯১৯ ০০৭২০২ ০০৮৯১৫ ০১৫৬৪৭ ০০৫৯৮২ ০০৫৯৭৫ ০০৫৭৯৭ ০০৩৩০০ ৭০০২৯৯ ০০৪২৬২ ০০৪৫৭০ ০০৪১৫৩ ০১২২১৫ ০১৫৬৪৫ ০১২৫৬৮ ০০৬৬৪৫ ০১৬২৫০ ০১৬৬১০ ০১৬৪৯৯ ০১২৫৫৮ ০১৬১৫৫ ০০৩৫১৫ ০০৫৫৩৯ ০০৪১১২ ০০৭৭৭৮ ০০৪৯৫৭ ০০৬৮৯৯ ০০৬১১৭ ০০৬৭৫৮ ০১৪৮৬৭ ০০৬৯৫৫ ০০৫৫৬৮ ০০৬৬৬৮ ০১১৫৭৫ ০০৫৭৫৮ ০০৫৯৬৫ ০০২৭৯৯ ০০৬৯৯৯ ০০৬৩৪২ ০১৫৬৫৫ ০০৫৭০৬ ০০৫৫৬১ ০১৪৯১২ ০১৪৯৫৫ ০০৫৮০৫ ০০৬৭২৯ ০১৬৫৪৭ ০১৩৪৭ ০০৬১৮৬ ০১১৭৬৫ ০০৯৬৫৩ ০০৬৮৮৭ ০১৫৪৮৭ ০১০০৫১ ০১৬৬৭৮ ০০৫৪৫৮ ০০৬৯২৯ ০১৫২৩৩ ০০৬১৯১ ০১১১৮৬ ০০৬৩৩৮ ০০৭০১৯ ০০৭৫৬৫ ০০৩৯৭৯ ০০৭৫৫৫ ০১৩২৫৫ ০০৫৯৫৩ ০১৫৭৭৯ ০০৭৫০৫ ০০৫৭৭৯ ০১৫৯৯৬ ০১৬৯১১ ০১৫৬৮৯ ০০৬৬২৯ ০১৫৬৯৬ ০০৭৩০৩ ০০৬৩২২ ০০৬১১৮ ০০৫৬৬১ ০০৫৮১১ ০১৪২১৭ ০১১১৩৬ ০০৬৮১৯ ০০৭২৯৮ ০১৬২২৫ ০০৩৯৫৭ ০০৭১১২ ০১৬১৩৬ ০০৫১৯৯ ০০৭৬৬২ ০১২০৬২ ০১৬৬৬৯ ০০২৭২৫ ০১৫১৩৩ ০০৩৩০৫ ০০৬৩৮১ ০১৩৯২১ ০০৮৯৬১ ০১২৬৭৭ ০০৪৭৫৬ ০০৬২৯৬	স্যার সলিমুল্লাহ মেডিকেল কলেজ মিটফোর্ড হাসপাতাল, ঢাকা
	০০৫৫১৯ ০১৫৪১৫ ০০৫৪৮২ ০০৫৪১২ ০০৬৯৪৩ ০০৬৩৫১ ০০৭২২৫ ০০৪৬১২ ০১৫১৪৮ ০০৭১৩২ ০০৭৯৪৯ ০০৫৪০৮ ০০৬৫২৯ ০১৪৭৬৮ ০০৫২৯৯ ০০৬৮৮৬ ০০৬৪৬৮ ০০৫৮০২ ০০৪৪১৮ ০০২৫৮৪ ০০৫০১৯ ০১৩০০৭ ০০৬৮৫৬ ০০৫৯৪৬ ০০৭০৬৯ ০০৪৮৬৬ ০০৪৫৫১ ০০৩২৫২ ০০৪৫৮১ ০০৬৮২৯ ০০৬২০৫ ০১২৬৪৭ ০১৪৭৩৩ ০০৭৭০০ ০০৩৩১৭ ০০৫১১৩ ০১৪৯৯৯ ০১২৯৫২ ০০৪২৯২ ০০৪১৮৩ ০০৭৩৮৫ ০০৭৪২২ ০০৬৫১৯ ০০৭৪৪৪ ০০৬৬৯৮ ০০৭৬২৯ ০০৬৯৬০ ০১৬২২০ ০০৫৪৫৭ ০১৪০৩২ ০০৭১১৮ ০০১৯২৩ ০০৫১৫৯ ০০৩৩৩৮ ০০৬৩৭৩ ০০৬২৬৭ ০০৬৫৯৬ ০০৪৪৭৩ ০১৩১০৪ ০০৬১২৬ ০০৫৮২৩ ০০৫৬১৭ ০০৬২৩৮ ০০৫৬৯৬ ০০৪৯২৩ ০০৬৭৭১ ০১৩৩২২ ০০৫০১০ ০০৫৬৫২ ০০৬৩৭৮ ০০৬৯৩০ ০০৫০৪৪ ০১২১৩৬ ০১৬২৩২ ০০৭৩২৪ ০০৪৪৭৭ ০১৬৮৪১ ০০৬১৪৮ ০০৬৫৪৮ ০০৩২৪৯ ০০৬৯০৭ ০১৪৯০৪ ০০৭১৬০ ০০৪৫৬৮ ০০৬২৮৬ ০০৬৮৮৫ ০১৩০৬৪ ০০৪৯০১ ০০৬৪৪১ ০০৪৩০৯ ০১৩২২৪ ০০৬২৯০ ০১২৩৫২ ০০৬৯১৪ ০১২৩৫২ ০০৬১৭১ ০০৬৪০৭ ০০২৬৮৭ ০০৫৭৮৬ ০০৬৩৫০ ০০৫৭৬৪ ০০৬৫২১ ০১৫৪৭৭ ০০৩৫৪৮ ০০৪০৮০ ০১৬৯৬৯ ০০২৬১০ ০০৭২১৮ ০০৪৫২৬	জাতীয় বক্ষ ব্যাধি ইনস্টিটিউট ও হাসপাতাল, মহাখালী, ঢাকা
	০০৭৯১৬ ০০৬৪৫৭ ০০৫১১১ ০০৩০১৫ ০১২০০৬ ০১৪৭৪৯ ০০১৫৫৭ ০০২৯২৮ ০০২৩৮০ ০১৫২৬৬ ০০২৫৩৭ ০০৬৯১৬ ০০২১৯৭ ০০৫৭৮০ ০০৫৩৯৬ ০০৬৬৩৯ ০০৪৪৭৫ ০১৬২৩৫ ০০৬৩০৬ ০০৭০৮৯ ০০৪৭৮৫ ০১৪১৯৪ ০১৫৯৬৮ ০০৭১২৫ ০১৬১৫৬ ০০৫৬৯৯ ০০৩৪৬৩ ০১৫৯১৫ ০০৭৬২১ ০০১৫৪৫ ০০৫৬৯৩ ০০৫২৮৪ ০১৪১৫৮ ০০৪৯৭১ ০০৬৬৫৯ ০০৭২৯০ ০১২৬৫০ ০০৫০১৯ ০১৩৩০৩ ০১৬১১৬ ০০৬২১৯ ০০৬১১৫ ০১৩৯১৩ ০০৫৬৫১ ০০৭৮৬৮ ০০৪৯৮৪ ০০৫৯১৬ ০১৪৩৬০ ০০৬৭৭১ ০১২৫৪৮ ০০৭০০৭ ০০৬৯৮২ ০০৬৬১৮ ০১২৫৮২ ০০১৬২০ ০০৬৭৬৭ ০০৭৯৬৪ ০০৬৮৯৯ ০০৪৪০৪ ০০৫৮৭৮ ০০৬১৮২ ০১৩২৫১ ০১২৯৯৫ ০০৬৮১১ ০০২০০৫ ০০৫৫২৯ ০১৫৩৭৮ ০০৫৬৪২ ০০৭৭৮২ ০১৪৭৪৮ ০১৬৫৮২ ০১৬৩৫৭ ০০৫৮৭৭ ০০৪৯৯৫ ০০৬৮৭১ ০০৭১৩৫ ০০২৯৮৩ ০০৫৬৭১ ০১২৫৯০ ০১৩০৯০ ০০২৪৬৯ ০১২৭৬৬ ০০৫৭৩৮ ০০৪৯৮৮ ০০৫৬৪৭ ০০১৬০৭ ০১৩৭৬৫ ০০৪২৭১ ০০৫৬৩৪ ০০৩৫৫৬ ০০৭৯৫৭ ০০২৭৬০ ০১৫৭৬২ ০০৪১৫৭ ০১৩৭৫৫ ০০৬৫৮৯ ০১৬৫৪৫ ০০৭৩৯৯ ০০৬২৩৩ ০১৬১৩১ ০০৬৭১৮ ০১৪৪৮৮	জাতীয় অর্থোপেডিক হাসপাতাল ও পুনর্বাসন প্রতিষ্ঠান (নিটোর), ঢাকা
	০১২২১৬ ০০৭২১৪ ০০৬১২৪ ০১৪৯৯৫ ০০৫৩৩৯ ০০৬৬৪০ ০০৫৮২৬ ০০২৫১০ ০০৬৫২২ ০০৬৮৬২ ০০৬৫২৫ ০০৪৪১৯ ০০৫৮৬৭ ০০৭৮২৪ ০১২৬৭১ ০১৪৩১৬ ০০৫৩২৭ ০০৬৬১২ ০০৫৮১৫ ০০৬৭১৬ ০১৫৩৫২ ০০৫১৩৮ ০০৬০১২ ০১২৯৫৯ ০০৪৯২২ ০১২৮৪৬ ০০৬৩১৪ ০০৪৫২১ ০০৭৩৫৪ ০১৬১৩৭ ০০৩৬৫৯ ০০৭৫২০ ০১২৯৬৪ ০০৪৭৩৫ ০০৫৬৩০ ০০৪৮২৬ ০০৫০২০ ০১৩৬৭১ ০০৩৮৭১ ০০৫৯৫৫ ০১৫১৯২ ০০৬৭৫২ ০০৪৬৯১ ০০৩৪৬২ ০০৪৭৩৫ ০১২৪৮৬ ০০৬৩৮৭ ০০৫৬৩১ ০০৫৫৮২ ০০৭৫৯২ ০০৬৯৯৫ ০০৪৭৩৭ ০১২৫৪২ ০১৪৩৫৮ ০০৬৫১৫ ০০৩৯১৫ ০০৬৯৯৪ ০১৫৬২৭ ০১৩৬১৪ ০০৬১৭১ ০০৪৬৯৫ ০০৪৭৪১ ০০৫৬৯২ ০০৬৭২৫ ০১৩০৩৬ ০০৭১০৫ ০১৬১৩৯ ০১৩৫৬৪ ০০৬৭৪২ ০০৭৭১৫ ০১৪৩৮০ ০১৪৫৭২ ০১৫৬৭৯ ০০৬৭৪৪ ০০৬২৬০ ০০৪৯১৯ ০০৬৬২৬ ০১৫৬০৭ ০১৫৪৩২ ০০১৪২২ ০১৩৯৬৫ ০০৭১৮৮ ০০৬৭৫৮ ০০৬৯১৮ ০০৫৩২৭ ০০৪৬৪১ ০১৫৬২৪ ০০৬৯৮৬ ০১২২২৮	শহীদ সোহরাওয়ার্দী হাসপাতাল, শের-ই-বাংলা নগর, ঢাকা
	০১৫৪৮৮ ০১২০৫৯ ০০৬৩৮১ ০০৬১৯০ ০০৫১৮৭ ০১৫৫৯৬ ০১২৫১৯ ০০৭৬৩৬ ০০২৯২১ ০১৬৭৪২ ০০৬৭৮৯ ০০২৬৪৮ ০১৪৩৭৬ ০০৩৫২৫ ০০২৭৭৬ ০০৭৯৭৫ ০০৬৩৭২ ০১৪৫৫৩ ০১৩৯৩৬ ০০৫২৯৮ ০১৫৯৪৬ ০০৪৭২৬ ০০৬২৭৬ ০১৩৯১৬ ০০৭৯৭২ ০০৬৮৯৯ ০০৬৪৫৭ ০০৪২৬১ ০১২৫৩৯ ০০৬৯৪৪ ০০৭৯১২ ০১৪৬৭১ ০০৫৬৯৯ ০০৫৯৪৭ ০১৫৬৩৯ ০০২৯৩৬ ০০৬৯৫৯ ০১৫২৬৯ ০১৬৯৮৩ ০০৪১২২ ০১৫৬১৫ ০১৩৫৭১ ০০৫৪৭২ ০১৫৫৭৬ ০০৬৮৯৯ ০০৪৬৩৫ ০১৪৭৩৬ ০০৬১৬৬ ০১৫৪৯৬ ০০৭৬৫৮ ০০৪৬৫৬ ০০৬৬৯১ ০০৭৪৯৪ ০০৩৯৩৭ ০০৬২৭৫ ০১৫৫৫১ ০১৪৬৯১ ০০৫৯৬৩ ০০৬৫৪৫ ০০৫০৩৬ ০০৬৬৬২ ০০৭৭৭৭ ০১৬৯৪০ ০০৪৮৩২ ০১৫৭৯৩ ০০৫৭৪৫ ০০৫৯৪২ ০০৬৫৭৬ ০০৪৬৭১ ০০৪৫৮৩ ০১২৫৬৩ ০০৪৬৯৭ ০০৬৩২১ ০০৬৫১৫ ০১৫২৫৬ ০০৫৬৬৬ ০০৬৩২৪ ০০৭৯৩৩ ০০৫৬৯৫	মুগদা মেডিকেল কলেজ হাসপাতাল, ঢাকা
	০০৪৭১৯ ০০৫৫৩৯ ০১২৫৩১ ০১৫৩৫১ ০০১৭৭০ ০১৫৫২২ ০০৭১২২ ০০৬৫৬৪ ০০৭৬৫৬ ০০২৭৫১ ০১৬৫২৫ ০০৫৯১৯ ০০৭২০২ ০০৮৯১৫ ০১৫৬৪৭ ০০৫৯৮২ ০০৫৯৭৫ ০০৫৭৯৭ ০০৩৩০০ ৭০০২৯৯ ০০৪২৬২ ০০৪৫৭০ ০০৪১৫৩ ০১২২১৫ ০১৫৬৪৫ ০১২৫৬৮ ০০৬৬৪৫ ০১৬২৫০ ০১৬৬১০ ০১৬৪৯৯ ০১২৫৫৮ ০১৬১৫৫ ০০৩৫১৫ ০০৫৫৩৯ ০০৪১১২ ০০৭৭৭৮ ০০৪৯৫৭ ০০৬৮৯৯ ০০৬১১৭ ০০৬৭৫৮ ০১৪৮৬৭ ০০৬৯৫৫ ০০৫৫৬৮ ০০৬৬৬৮ ০১১৫৭৫ ০০৫৭৫৮ ০০৫৯৬৫ ০০২৭৯৯ ০০৬৯৯৯ ০০৬৩৪২ ০১৫৬৫৫ ০০৫৭০৬ ০০৫৫৬১ ০১৪৯১২ ০১৪৯৫৫ ০০৫৮০৫ ০০৬৭২৯ ০১৬৫৪৭ ০১৩৪৭ ০০৬১৮৬ ০১১৭৬৫ ০০৯৬৫৩ ০০৬৮৮৭ ০১৫৪৮৭ ০১০০৫১ ০১৬৬৭৮ ০০৫৪৫৮ ০০৬৯২৯ ০১৫২৩৩ ০০৬১৯১ ০১১১৮৬ ০০৬৩৩৮ ০০৭০১৯ ০০৭৫৬৫ ০০৩৯৭৯ ০০৭৫৫৫ ০১৩২৫৫ ০০৫৯৫৩ ০১৫৭৭৯ ০০৭৫০৫ ০০৫৭৭৯ ০১৫৯৯৬ ০১৬৯১১ ০১৫৬৮৯ ০০৬৬২৯ ০১৫৬৯৬ ০০৭৩০৩ ০০৬৩২২ ০০৬১১৮ ০০৫৬৬১ ০০৫৮১১ ০১৪২১৭ ০১১১৩৬ ০০৬৮১৯ ০০৭২৯৮ ০১৬২২৫ ০০৩৯৫৭ ০০৭১১২ ০১৬১৩৬ ০০৫১৯৯ ০০৭৬৬২ ০১২০৬২ ০১৬৬৬৯ ০০২৭২৫ ০১৫১৩৩ ০০৩৩০৫ ০০৬৩৮১ ০১৩৯২১ ০০৮৯৬১ ০১২৬৭৭ ০০৪৭৫৬ ০০৬২৯৬	জাতীয় হৃদরোগ ইনস্টিটিউট ও হাসপাতাল, ঢাকা
এরপর পৃষ্ঠা ৭
